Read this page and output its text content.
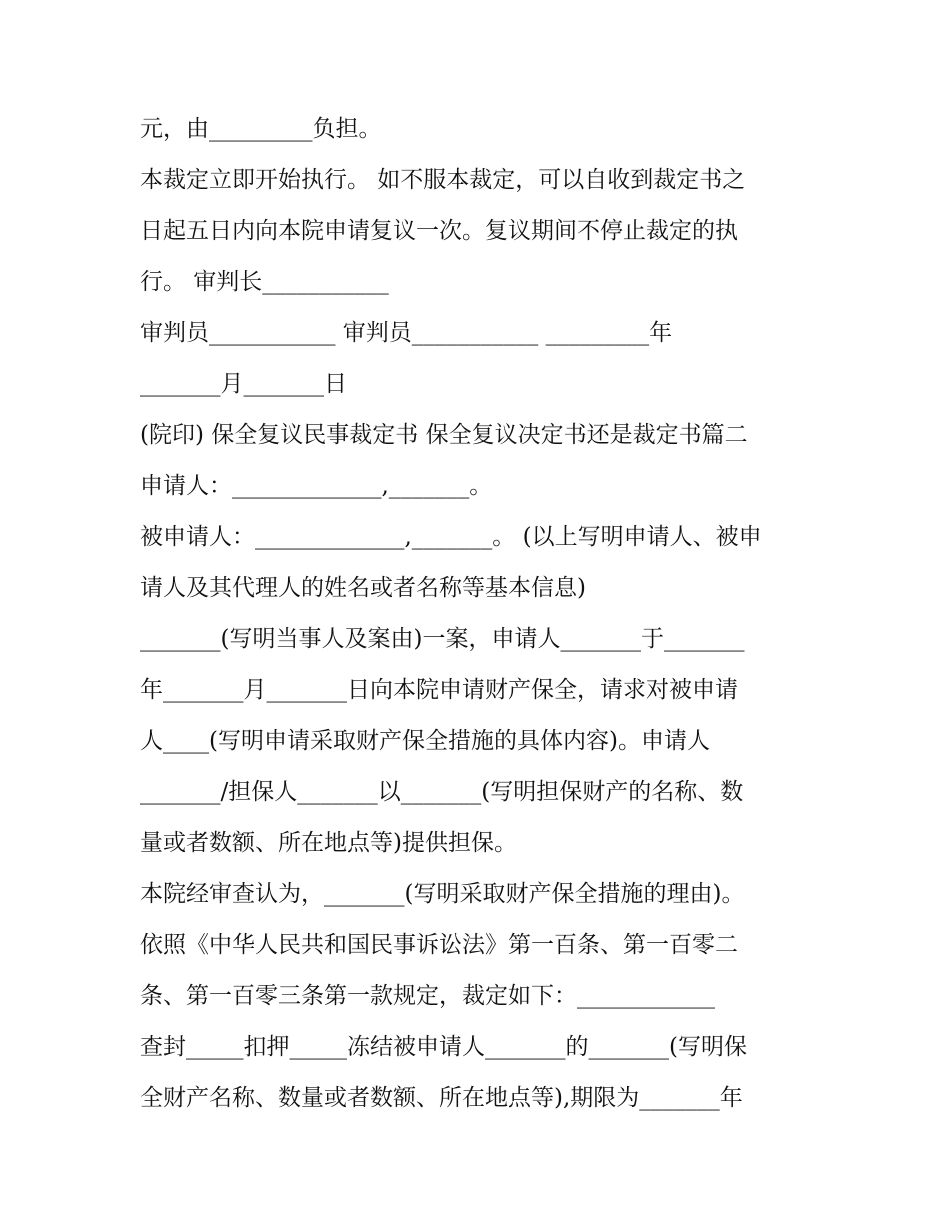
元，由_________负担。
本裁定立即开始执行。 如不服本裁定，可以自收到裁定书之
日起五日内向本院申请复议一次。复议期间不停止裁定的执
行。 审判长___________
审判员___________ 审判员___________ _________年
_______月_______日
(院印) 保全复议民事裁定书 保全复议决定书还是裁定书篇二
申请人：_____________,_______。
被申请人：_____________,_______。 (以上写明申请人、被申
请人及其代理人的姓名或者名称等基本信息)
_______(写明当事人及案由)一案，申请人_______于_______
年_______月_______日向本院申请财产保全，请求对被申请
人____(写明申请采取财产保全措施的具体内容)。申请人
_______/担保人_______以_______(写明担保财产的名称、数
量或者数额、所在地点等)提供担保。
本院经审查认为，_______(写明采取财产保全措施的理由)。
依照《中华人民共和国民事诉讼法》第一百条、第一百零二
条、第一百零三条第一款规定，裁定如下：____________
查封_____扣押_____冻结被申请人_______的_______(写明保
全财产名称、数量或者数额、所在地点等),期限为_______年
